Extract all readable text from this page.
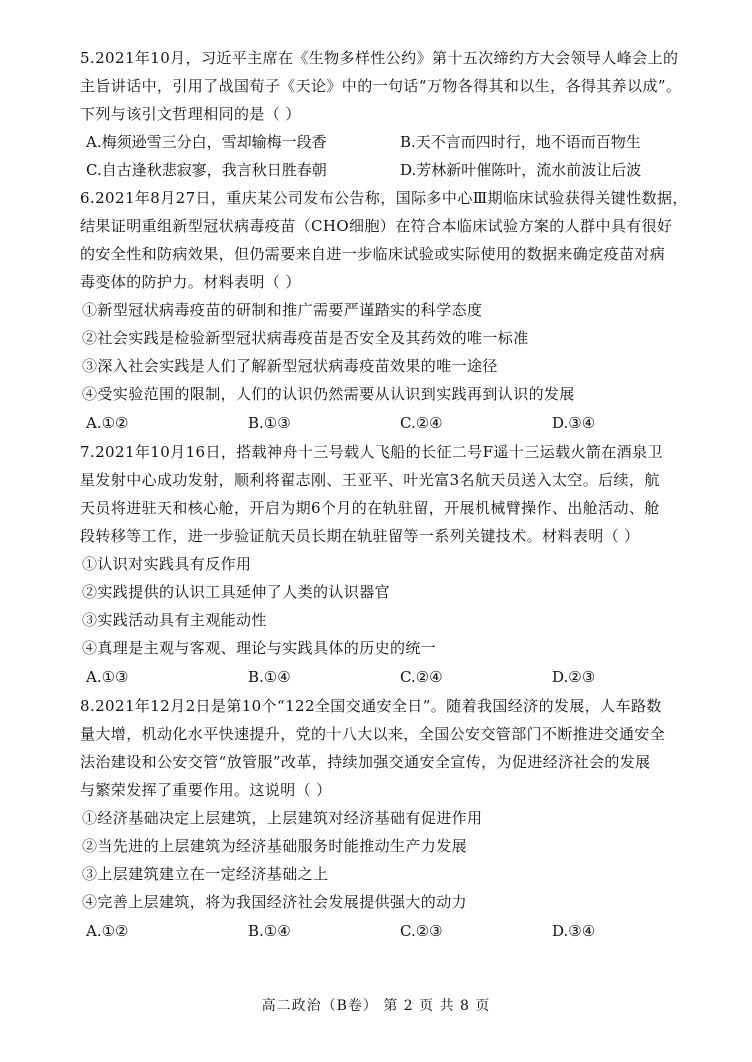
5.2021年10月，习近平主席在《生物多样性公约》第十五次缔约方大会领导人峰会上的
主旨讲话中，引用了战国荀子《天论》中的一句话“万物各得其和以生，各得其养以成”。
下列与该引文哲理相同的是（ ）
A.梅须逊雪三分白，雪却输梅一段香	B.天不言而四时行，地不语而百物生
C.自古逢秋悲寂寥，我言秋日胜春朝	D.芳林新叶催陈叶，流水前波让后波
6.2021年8月27日，重庆某公司发布公告称，国际多中心Ⅲ期临床试验获得关键性数据，
结果证明重组新型冠状病毒疫苗（CHO细胞）在符合本临床试验方案的人群中具有很好
的安全性和防病效果，但仍需要来自进一步临床试验或实际使用的数据来确定疫苗对病
毒变体的防护力。材料表明（ ）
①新型冠状病毒疫苗的研制和推广需要严谨踏实的科学态度
②社会实践是检验新型冠状病毒疫苗是否安全及其药效的唯一标准
③深入社会实践是人们了解新型冠状病毒疫苗效果的唯一途径
④受实验范围的限制，人们的认识仍然需要从认识到实践再到认识的发展
A.①②	B.①③	C.②④	D.③④
7.2021年10月16日，搭载神舟十三号载人飞船的长征二号F遥十三运载火箭在酒泉卫
星发射中心成功发射，顺利将翟志刚、王亚平、叶光富3名航天员送入太空。后续，航
天员将进驻天和核心舱，开启为期6个月的在轨驻留，开展机械臂操作、出舱活动、舱
段转移等工作，进一步验证航天员长期在轨驻留等一系列关键技术。材料表明（ ）
①认识对实践具有反作用
②实践提供的认识工具延伸了人类的认识器官
③实践活动具有主观能动性
④真理是主观与客观、理论与实践具体的历史的统一
A.①③	B.①④	C.②④	D.②③
8.2021年12月2日是第10个“122全国交通安全日”。随着我国经济的发展，人车路数
量大增，机动化水平快速提升，党的十八大以来，全国公安交管部门不断推进交通安全
法治建设和公安交管“放管服”改革，持续加强交通安全宣传，为促进经济社会的发展
与繁荣发挥了重要作用。这说明（ ）
①经济基础决定上层建筑，上层建筑对经济基础有促进作用
②当先进的上层建筑为经济基础服务时能推动生产力发展
③上层建筑建立在一定经济基础之上
④完善上层建筑，将为我国经济社会发展提供强大的动力
A.①②	B.①④	C.②③	D.③④
高二政治（B卷） 第 2 页 共 8 页
